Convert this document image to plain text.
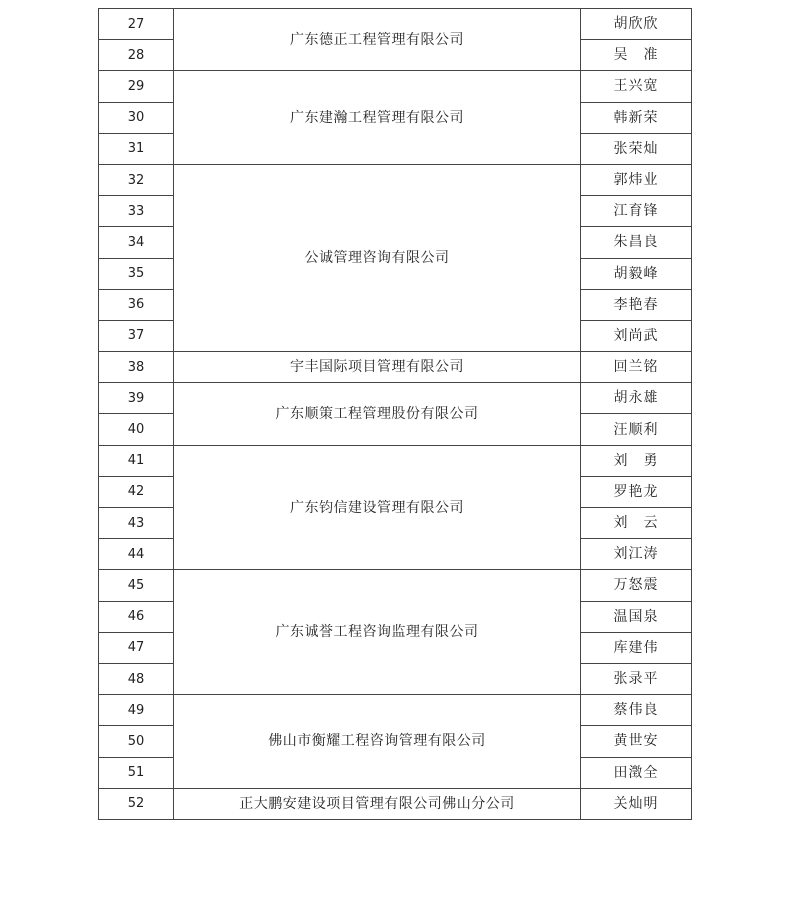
27	广东德正工程管理有限公司	胡欣欣
28		吴　准
29	广东建瀚工程管理有限公司	王兴宽
30		韩新荣
31		张荣灿
32	公诚管理咨询有限公司	郭炜业
33		江育锋
34		朱昌良
35		胡毅峰
36		李艳春
37		刘尚武
38	宇丰国际项目管理有限公司	回兰铭
39	广东顺策工程管理股份有限公司	胡永雄
40		汪顺利
41	广东钧信建设管理有限公司	刘　勇
42		罗艳龙
43		刘　云
44		刘江涛
45	广东诚誉工程咨询监理有限公司	万怒震
46		温国泉
47		库建伟
48		张录平
49	佛山市衡耀工程咨询管理有限公司	蔡伟良
50		黄世安
51		田澂全
52	正大鹏安建设项目管理有限公司佛山分公司	关灿明
